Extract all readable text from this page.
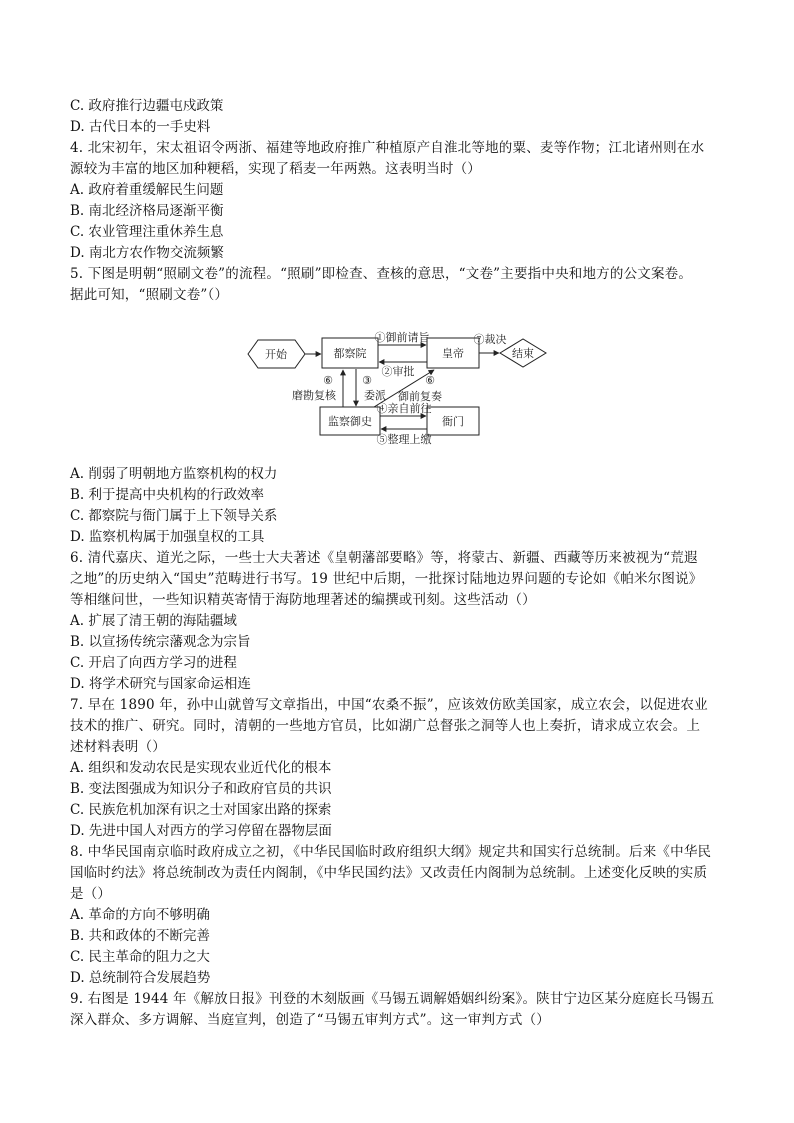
C. 政府推行边疆屯戍政策
D. 古代日本的一手史料
4. 北宋初年，宋太祖诏令两浙、福建等地政府推广种植原产自淮北等地的粟、麦等作物；江北诸州则在水
源较为丰富的地区加种粳稻，实现了稻麦一年两熟。这表明当时（）
A. 政府着重缓解民生问题
B. 南北经济格局逐渐平衡
C. 农业管理注重休养生息
D. 南北方农作物交流频繁
5. 下图是明朝“照刷文卷”的流程。“照刷”即检查、查核的意思，“文卷”主要指中央和地方的公文案卷。
据此可知，“照刷文卷”（）
开始	都察院	皇帝	结束
监察御史	衙门
①御前请旨
②审批
⑦裁决
③
委派
⑥
磨勘复核
⑥
御前复奏
④亲自前往
⑤整理上缴
A. 削弱了明朝地方监察机构的权力
B. 利于提高中央机构的行政效率
C. 都察院与衙门属于上下领导关系
D. 监察机构属于加强皇权的工具
6. 清代嘉庆、道光之际，一些士大夫著述《皇朝藩部要略》等，将蒙古、新疆、西藏等历来被视为“荒遐
之地”的历史纳入“国史”范畴进行书写。19 世纪中后期，一批探讨陆地边界问题的专论如《帕米尔图说》
等相继问世，一些知识精英寄情于海防地理著述的编撰或刊刻。这些活动（）
A. 扩展了清王朝的海陆疆域
B. 以宣扬传统宗藩观念为宗旨
C. 开启了向西方学习的进程
D. 将学术研究与国家命运相连
7. 早在 1890 年，孙中山就曾写文章指出，中国“农桑不振”，应该效仿欧美国家，成立农会，以促进农业
技术的推广、研究。同时，清朝的一些地方官员，比如湖广总督张之洞等人也上奏折，请求成立农会。上
述材料表明（）
A. 组织和发动农民是实现农业近代化的根本
B. 变法图强成为知识分子和政府官员的共识
C. 民族危机加深有识之士对国家出路的探索
D. 先进中国人对西方的学习停留在器物层面
8. 中华民国南京临时政府成立之初，《中华民国临时政府组织大纲》规定共和国实行总统制。后来《中华民
国临时约法》将总统制改为责任内阁制，《中华民国约法》又改责任内阁制为总统制。上述变化反映的实质
是（）
A. 革命的方向不够明确
B. 共和政体的不断完善
C. 民主革命的阻力之大
D. 总统制符合发展趋势
9. 右图是 1944 年《解放日报》刊登的木刻版画《马锡五调解婚姻纠纷案》。陕甘宁边区某分庭庭长马锡五
深入群众、多方调解、当庭宣判，创造了“马锡五审判方式”。这一审判方式（）
